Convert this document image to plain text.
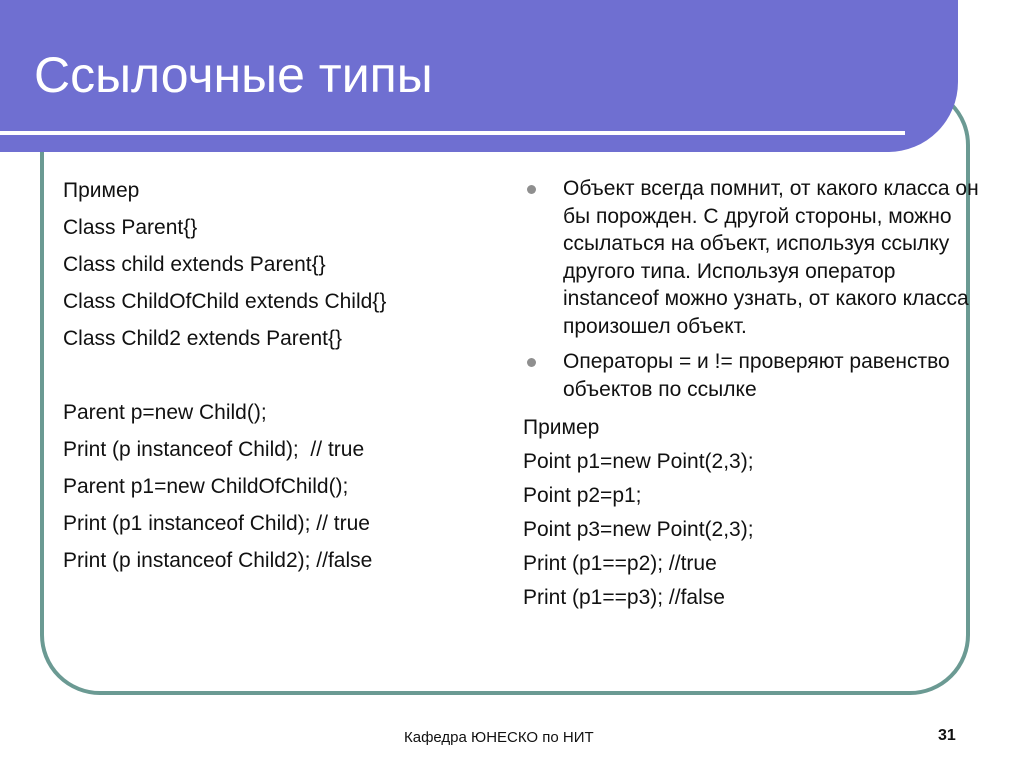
Ссылочные типы
Пример
Class Parent{}
Class child extends Parent{}
Class ChildOfChild extends Child{}
Class Child2 extends Parent{}
Parent p=new Child();
Print (p instanceof Child);  // true
Parent p1=new ChildOfChild();
Print (p1 instanceof Child); // true
Print (p instanceof Child2); //false
Объект всегда помнит, от какого класса он бы порожден. С другой стороны, можно ссылаться на объект, используя ссылку другого типа. Используя оператор instanceof можно узнать, от какого класса произошел объект.
Операторы = и != проверяют равенство объектов по ссылке
Пример
Point p1=new Point(2,3);
Point p2=p1;
Point p3=new Point(2,3);
Print (p1==p2); //true
Print (p1==p3); //false
Кафедра ЮНЕСКО по НИТ	31
